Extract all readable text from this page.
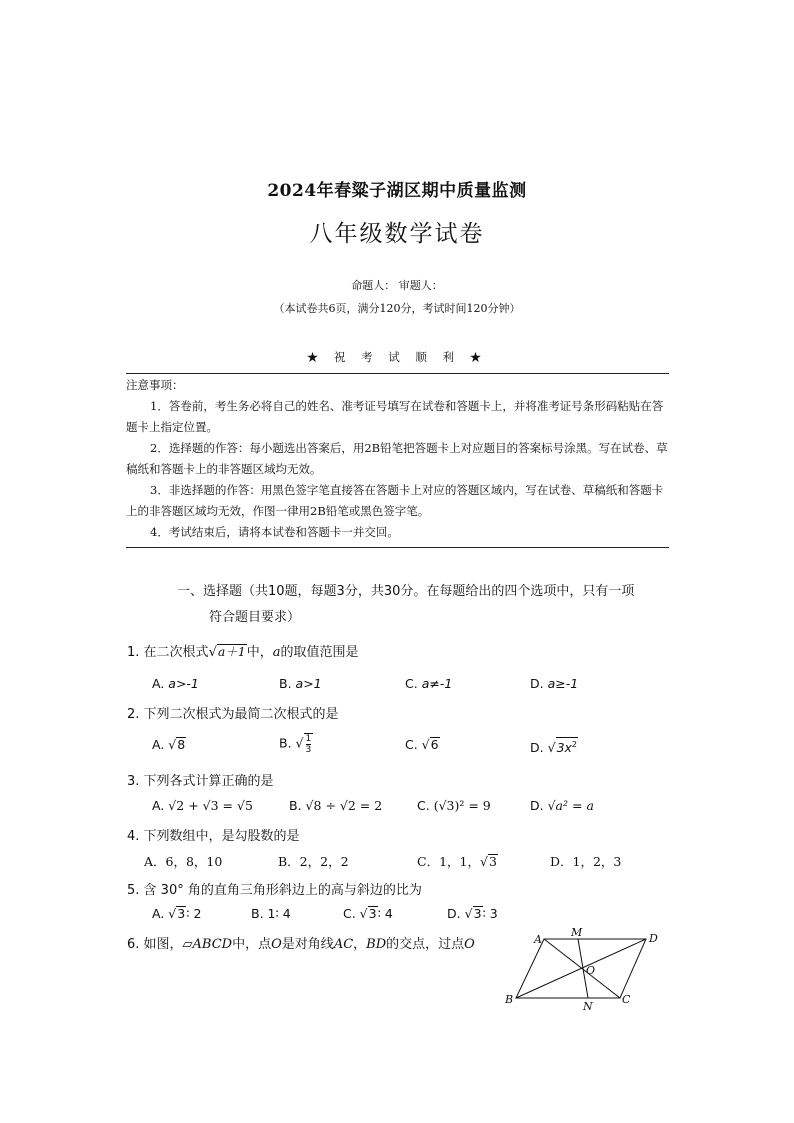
2024年春粱子湖区期中质量监测
八年级数学试卷
命题人： 审题人：
（本试卷共6页，满分120分，考试时间120分钟）
★ 祝 考 试 顺 利 ★

注意事项：

1．答卷前，考生务必将自己的姓名、准考证号填写在试卷和答题卡上，并将准考证号条形码粘贴在答题卡上指定位置。

2．选择题的作答：每小题选出答案后，用2B铅笔把答题卡上对应题目的答案标号涂黑。写在试卷、草稿纸和答题卡上的非答题区域均无效。

3．非选择题的作答：用黑色签字笔直接答在答题卡上对应的答题区域内，写在试卷、草稿纸和答题卡上的非答题区域均无效，作图一律用2B铅笔或黑色签字笔。

4．考试结束后，请将本试卷和答题卡一并交回。

一、选择题（共10题，每题3分，共30分。在每题给出的四个选项中，只有一项
符合题目要求）
1. 在二次根式√a＋1中，a的取值范围是
A. a>-1	B. a>1	C. a≠-1	D. a≥-1
2. 下列二次根式为最简二次根式的是
A. √8	B. √ $\frac{1}{3}$	C. √6	D. $√3x^2$
3. 下列各式计算正确的是
A. √2 + √3 = √5	B. √8 ÷ √2 = 2	C. (√3)² = 9	D. √a² = a
4. 下列数组中，是勾股数的是
A．6，8，10	B．2，2，2	C．1，1，√3	D．1，2，3
5. 含 30° 角的直角三角形斜边上的高与斜边的比为
A. √3∶ 2	B. 1∶ 4	C. √3∶ 4	D. √3∶ 3
6. 如图，▱ABCD中，点O是对角线AC，BD的交点，过点O	A
M	D
O
B
N
C
